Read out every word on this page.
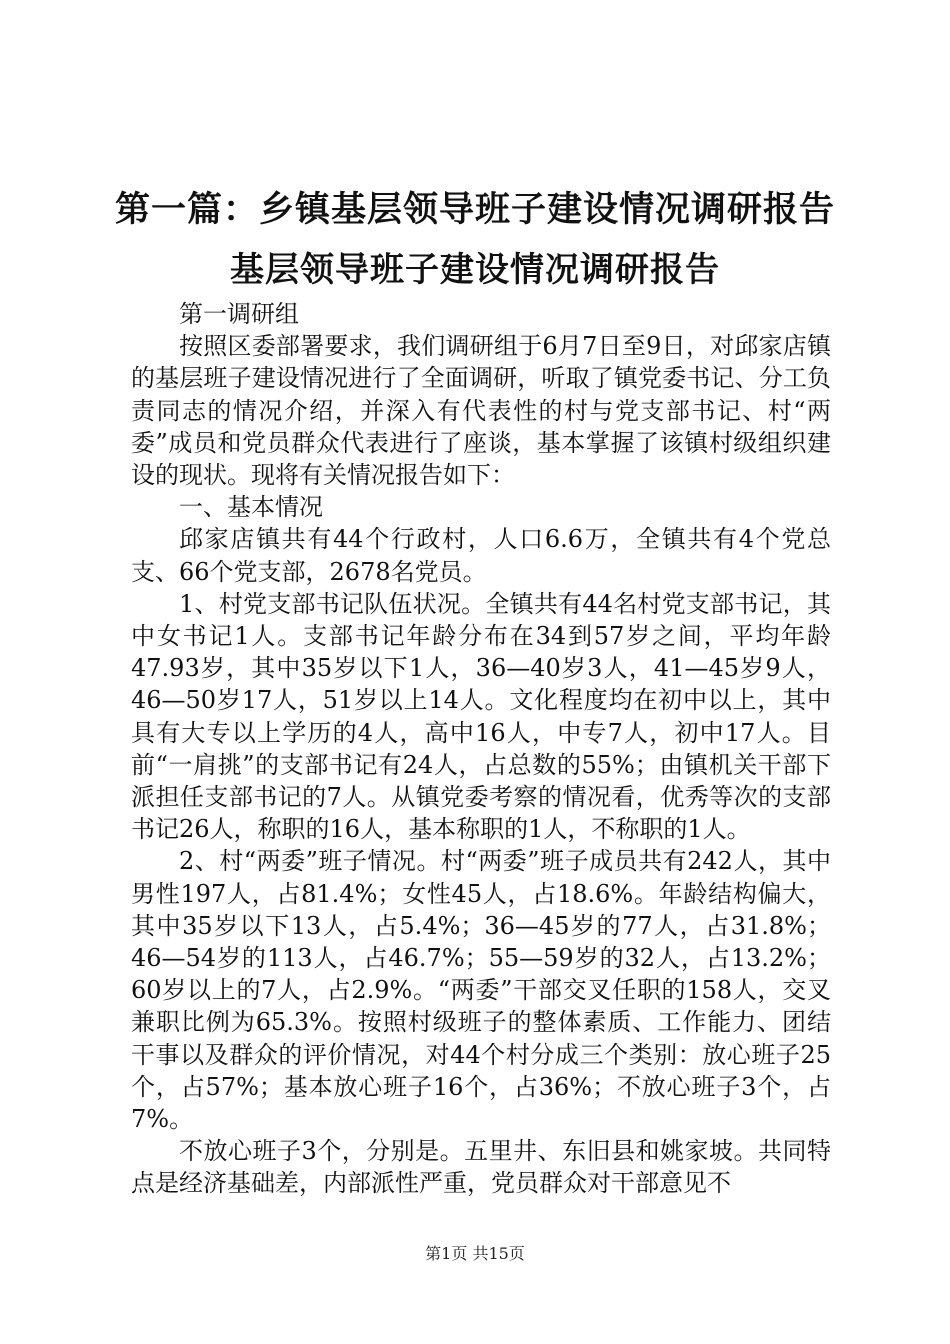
第一篇：乡镇基层领导班子建设情况调研报告
基层领导班子建设情况调研报告

第一调研组

按照区委部署要求，我们调研组于6月7日至9日，对邱家店镇的基层班子建设情况进行了全面调研，听取了镇党委书记、分工负责同志的情况介绍，并深入有代表性的村与党支部书记、村“两委”成员和党员群众代表进行了座谈，基本掌握了该镇村级组织建设的现状。现将有关情况报告如下：

一、基本情况

邱家店镇共有44个行政村，人口6.6万，全镇共有4个党总支、66个党支部，2678名党员。

1、村党支部书记队伍状况。全镇共有44名村党支部书记，其中女书记1人。支部书记年龄分布在34到57岁之间，平均年龄47.93岁，其中35岁以下1人，36—40岁3人，41—45岁9人，46—50岁17人，51岁以上14人。文化程度均在初中以上，其中具有大专以上学历的4人，高中16人，中专7人，初中17人。目前“一肩挑”的支部书记有24人，占总数的55%；由镇机关干部下派担任支部书记的7人。从镇党委考察的情况看，优秀等次的支部书记26人，称职的16人，基本称职的1人，不称职的1人。

2、村“两委”班子情况。村“两委”班子成员共有242人，其中男性197人，占81.4%；女性45人，占18.6%。年龄结构偏大，其中35岁以下13人，占5.4%；36—45岁的77人，占31.8%；46—54岁的113人，占46.7%；55—59岁的32人，占13.2%；60岁以上的7人，占2.9%。“两委”干部交叉任职的158人，交叉兼职比例为65.3%。按照村级班子的整体素质、工作能力、团结干事以及群众的评价情况，对44个村分成三个类别：放心班子25个，占57%；基本放心班子16个，占36%；不放心班子3个，占7%。

不放心班子3个，分别是。五里井、东旧县和姚家坡。共同特点是经济基础差，内部派性严重，党员群众对干部意见不

第1页 共15页
